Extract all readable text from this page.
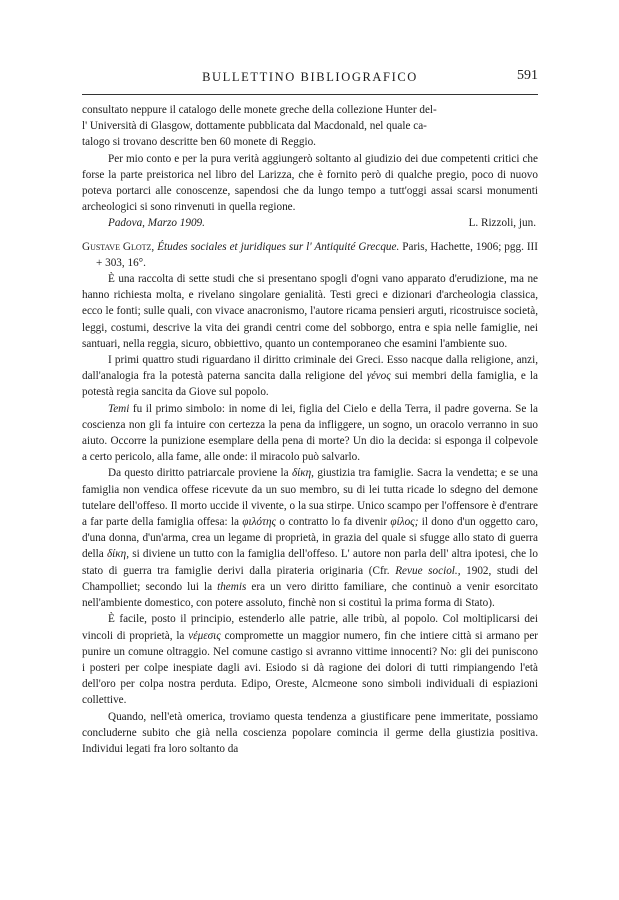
BULLETTINO BIBLIOGRAFICO	591

consultato neppure il catalogo delle monete greche della collezione Hunter del-
l' Università di Glasgow, dottamente pubblicata dal Macdonald, nel quale ca-
talogo si trovano descritte ben 60 monete di Reggio.

Per mio conto e per la pura verità aggiungerò soltanto al giudizio dei due competenti critici che forse la parte preistorica nel libro del Larizza, che è fornito però di qualche pregio, poco di nuovo poteva portarci alle conoscenze, sapendosi che da lungo tempo a tutt'oggi assai scarsi monumenti archeologici si sono rinvenuti in quella regione.

Padova, Marzo 1909.	L. Rizzoli, jun.

Gustave Glotz, Études sociales et juridiques sur l' Antiquité Grecque. Paris, Hachette, 1906; pgg. III + 303, 16°.

È una raccolta di sette studi che si presentano spogli d'ogni vano apparato d'erudizione, ma ne hanno richiesta molta, e rivelano singolare genialità. Testi greci e dizionari d'archeologia classica, ecco le fonti; sulle quali, con vivace anacronismo, l'autore ricama pensieri arguti, ricostruisce società, leggi, costumi, descrive la vita dei grandi centri come del sobborgo, entra e spia nelle famiglie, nei santuari, nella reggia, sicuro, obbiettivo, quanto un contemporaneo che esamini l'ambiente suo.

I primi quattro studi riguardano il diritto criminale dei Greci. Esso nacque dalla religione, anzi, dall'analogia fra la potestà paterna sancita dalla religione del γένος sui membri della famiglia, e la potestà regia sancita da Giove sul popolo.

Temi fu il primo simbolo: in nome di lei, figlia del Cielo e della Terra, il padre governa. Se la coscienza non gli fa intuire con certezza la pena da infliggere, un sogno, un oracolo verranno in suo aiuto. Occorre la punizione esemplare della pena di morte? Un dio la decida: si esponga il colpevole a certo pericolo, alla fame, alle onde: il miracolo può salvarlo.

Da questo diritto patriarcale proviene la δίκη, giustizia tra famiglie. Sacra la vendetta; e se una famiglia non vendica offese ricevute da un suo membro, su di lei tutta ricade lo sdegno del demone tutelare dell'offeso. Il morto uccide il vivente, o la sua stirpe. Unico scampo per l'offensore è d'entrare a far parte della famiglia offesa: la φιλότης o contratto lo fa divenir φίλος; il dono d'un oggetto caro, d'una donna, d'un'arma, crea un legame di proprietà, in grazia del quale si sfugge allo stato di guerra della δίκη, si diviene un tutto con la famiglia dell'offeso. L' autore non parla dell' altra ipotesi, che lo stato di guerra tra famiglie derivi dalla pirateria originaria (Cfr. Revue sociol., 1902, studi del Champolliet; secondo lui la themis era un vero diritto familiare, che continuò a venir esorcitato nell'ambiente domestico, con potere assoluto, finchè non si costituì la prima forma di Stato).

È facile, posto il principio, estenderlo alle patrie, alle tribù, al popolo. Col moltiplicarsi dei vincoli di proprietà, la νέμεσις compromette un maggior numero, fin che intiere città si armano per punire un comune oltraggio. Nel comune castigo si avranno vittime innocenti? No: gli dei puniscono i posteri per colpe inespiate dagli avi. Esiodo si dà ragione dei dolori di tutti rimpiangendo l'età dell'oro per colpa nostra perduta. Edipo, Oreste, Alcmeone sono simboli individuali di espiazioni collettive.

Quando, nell'età omerica, troviamo questa tendenza a giustificare pene immeritate, possiamo concluderne subito che già nella coscienza popolare comincia il germe della giustizia positiva. Individui legati fra loro soltanto da
